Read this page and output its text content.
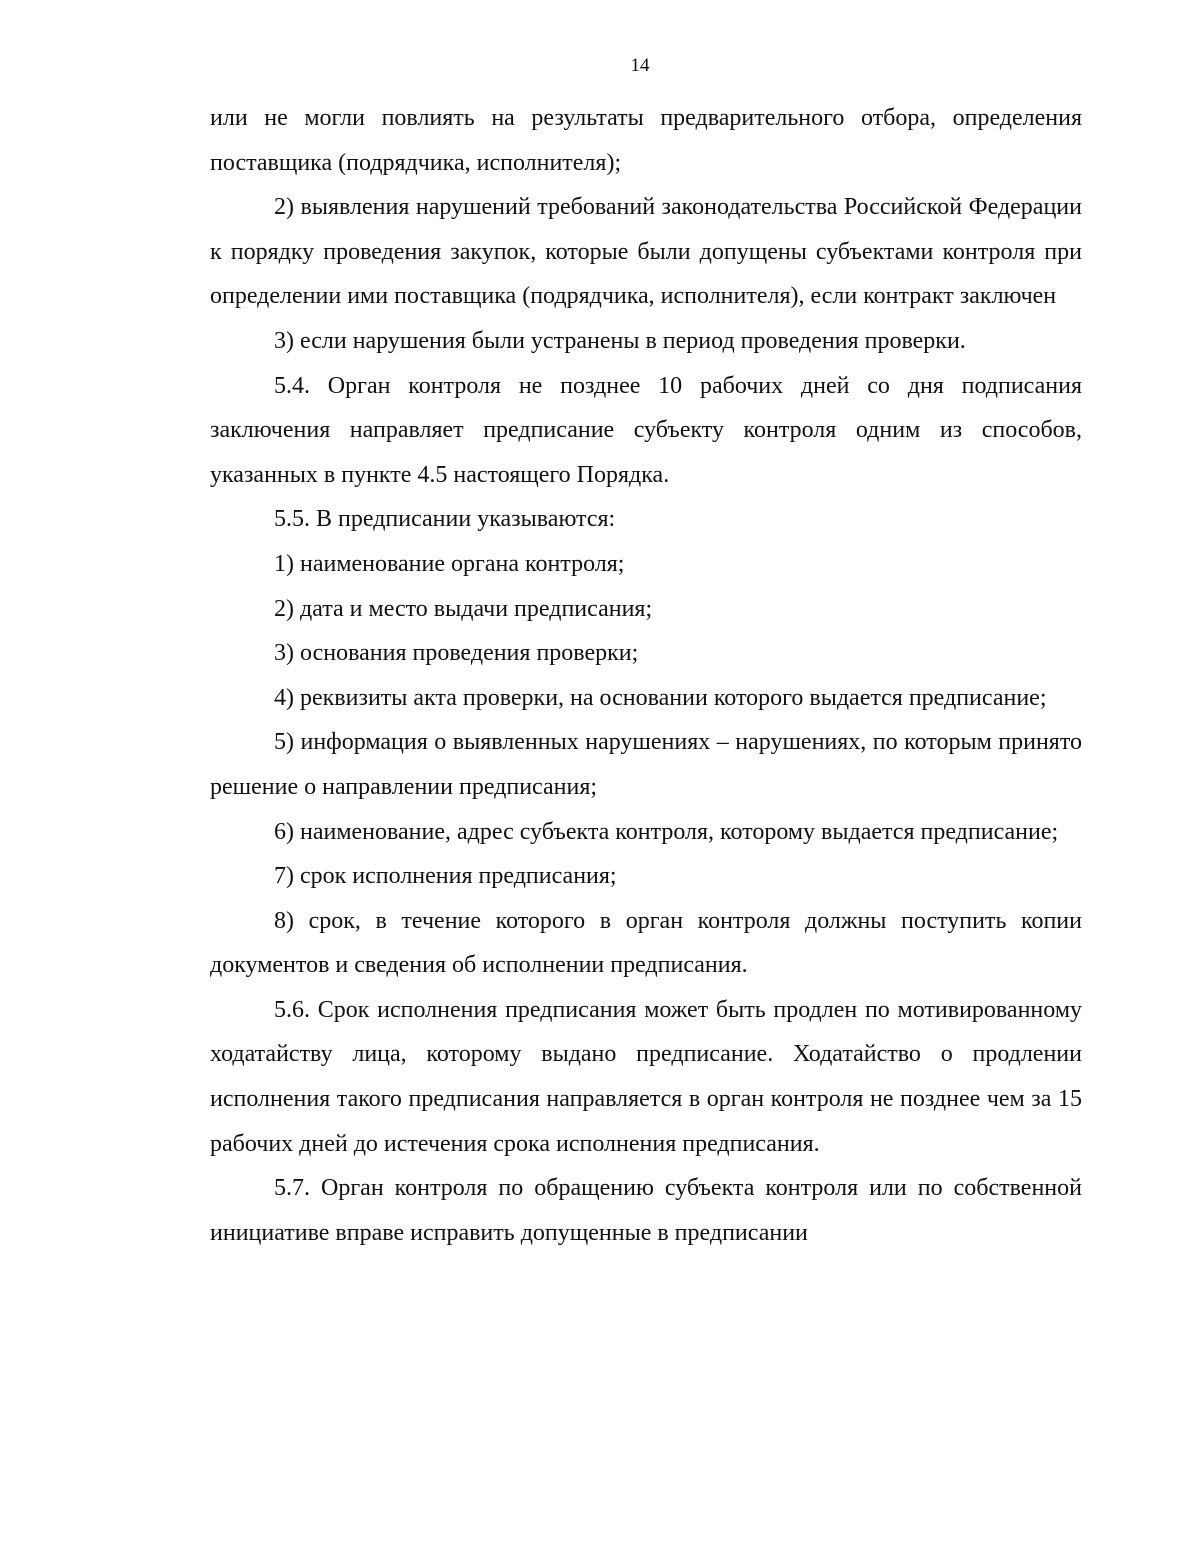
14

или не могли повлиять на результаты предварительного отбора, определения поставщика (подрядчика, исполнителя);

2) выявления нарушений требований законодательства Российской Федерации к порядку проведения закупок, которые были допущены субъектами контроля при определении ими поставщика (подрядчика, исполнителя), если контракт заключен

3) если нарушения были устранены в период проведения проверки.

5.4. Орган контроля не позднее 10 рабочих дней со дня подписания заключения направляет предписание субъекту контроля одним из способов, указанных в пункте 4.5 настоящего Порядка.

5.5. В предписании указываются:

1) наименование органа контроля;

2) дата и место выдачи предписания;

3) основания проведения проверки;

4) реквизиты акта проверки, на основании которого выдается предписание;

5) информация о выявленных нарушениях – нарушениях, по которым принято решение о направлении предписания;

6) наименование, адрес субъекта контроля, которому выдается предписание;

7) срок исполнения предписания;

8) срок, в течение которого в орган контроля должны поступить копии документов и сведения об исполнении предписания.

5.6. Срок исполнения предписания может быть продлен по мотивированному ходатайству лица, которому выдано предписание. Ходатайство о продлении исполнения такого предписания направляется в орган контроля не позднее чем за 15 рабочих дней до истечения срока исполнения предписания.

5.7. Орган контроля по обращению субъекта контроля или по собственной инициативе вправе исправить допущенные в предписании
